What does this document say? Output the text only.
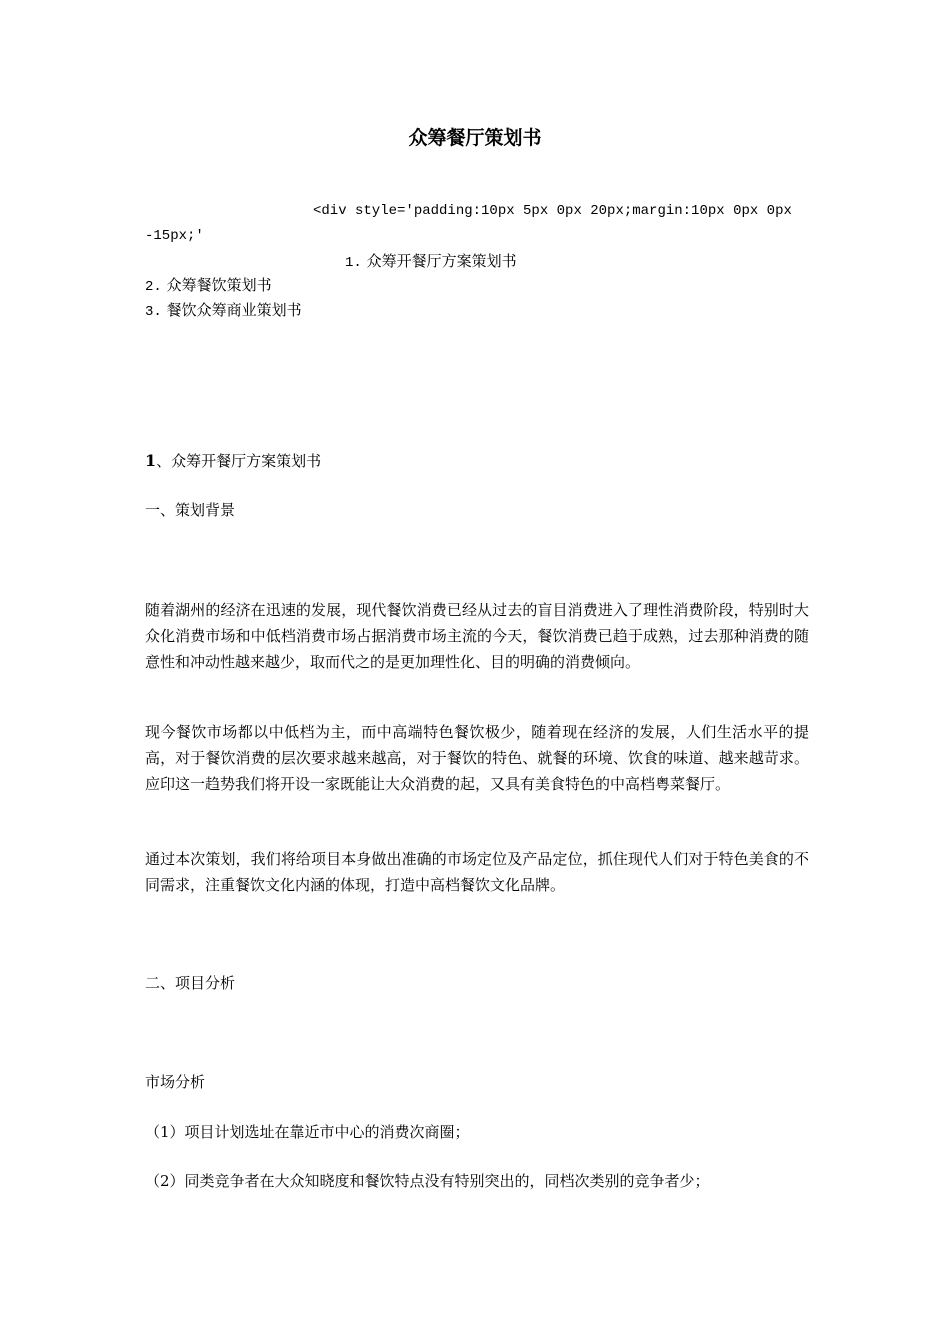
众筹餐厅策划书
<div style='padding:10px 5px 0px 20px;margin:10px 0px 0px -15px;'
1. 众筹开餐厅方案策划书
2. 众筹餐饮策划书
3. 餐饮众筹商业策划书
1、众筹开餐厅方案策划书
一、策划背景
随着湖州的经济在迅速的发展，现代餐饮消费已经从过去的盲目消费进入了理性消费阶段，特别时大众化消费市场和中低档消费市场占据消费市场主流的今天，餐饮消费已趋于成熟，过去那种消费的随意性和冲动性越来越少，取而代之的是更加理性化、目的明确的消费倾向。
现今餐饮市场都以中低档为主，而中高端特色餐饮极少，随着现在经济的发展，人们生活水平的提高，对于餐饮消费的层次要求越来越高，对于餐饮的特色、就餐的环境、饮食的味道、越来越苛求。应印这一趋势我们将开设一家既能让大众消费的起，又具有美食特色的中高档粤菜餐厅。
通过本次策划，我们将给项目本身做出准确的市场定位及产品定位，抓住现代人们对于特色美食的不同需求，注重餐饮文化内涵的体现，打造中高档餐饮文化品牌。
二、项目分析
市场分析
（1）项目计划选址在靠近市中心的消费次商圈；
（2）同类竞争者在大众知晓度和餐饮特点没有特别突出的，同档次类别的竞争者少；
